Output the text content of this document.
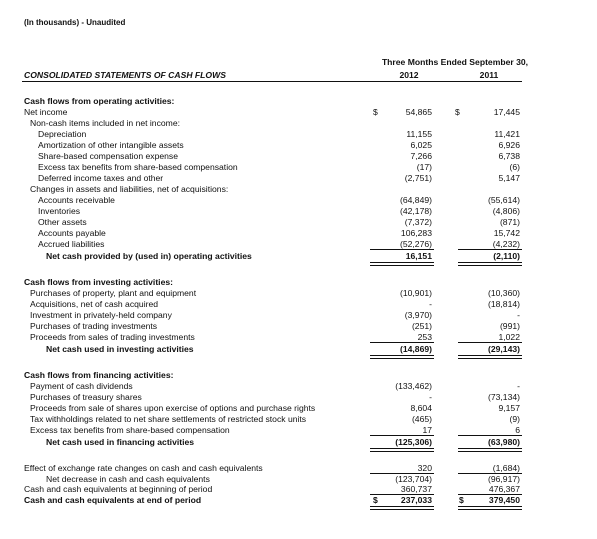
(In thousands) - Unaudited
Three Months Ended September 30,
2012	2011
CONSOLIDATED STATEMENTS OF CASH FLOWS
Cash flows from operating activities:
Net income	$	54,865	$	17,445
Non-cash items included in net income:
Depreciation	11,155	11,421
Amortization of other intangible assets	6,025	6,926
Share-based compensation expense	7,266	6,738
Excess tax benefits from share-based compensation	(17)	(6)
Deferred income taxes and other	(2,751)	5,147
Changes in assets and liabilities, net of acquisitions:
Accounts receivable	(64,849)	(55,614)
Inventories	(42,178)	(4,806)
Other assets	(7,372)	(871)
Accounts payable	106,283	15,742
Accrued liabilities	(52,276)	(4,232)
Net cash provided by (used in) operating activities	16,151	(2,110)
Cash flows from investing activities:
Purchases of property, plant and equipment	(10,901)	(10,360)
Acquisitions, net of cash acquired	-	(18,814)
Investment in privately-held company	(3,970)	-
Purchases of trading investments	(251)	(991)
Proceeds from sales of trading investments	253	1,022
Net cash used in investing activities	(14,869)	(29,143)
Cash flows from financing activities:
Payment of cash dividends	(133,462)	-
Purchases of treasury shares	-	(73,134)
Proceeds from sale of shares upon exercise of options and purchase rights	8,604	9,157
Tax withholdings related to net share settlements of restricted stock units	(465)	(9)
Excess tax benefits from share-based compensation	17	6
Net cash used in financing activities	(125,306)	(63,980)
Effect of exchange rate changes on cash and cash equivalents	320	(1,684)
Net decrease in cash and cash equivalents	(123,704)	(96,917)
Cash and cash equivalents at beginning of period	360,737	476,367
Cash and cash equivalents at end of period	$	237,033	$	379,450
